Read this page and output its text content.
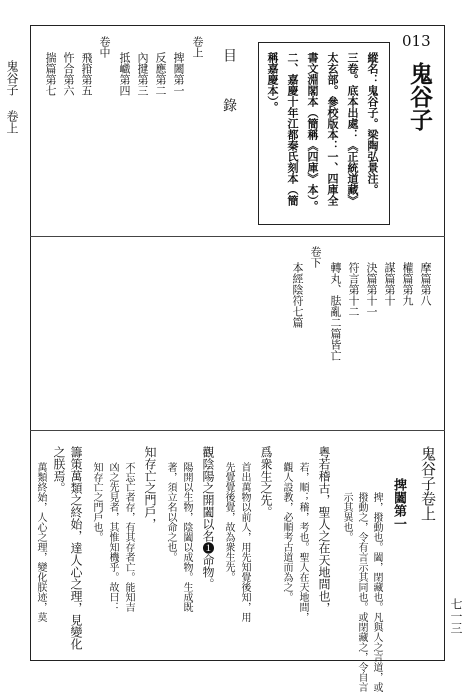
鬼谷子 卷上
七一三
013
鬼谷子
縱名：鬼谷子。梁陶弘景注。
三卷。底本出處：《正統道藏》
太玄部。參校版本：一、四庫全
書文淵閣本（簡稱《四庫》本）。
二、嘉慶十年江都秦氏刻本（簡
稱嘉慶本）。
目 錄
卷上
捭闔第一
反應第二
內揵第三
抵巇第四
卷中
飛箝第五
忤合第六
揣篇第七
摩篇第八
權篇第九
謀篇第十
決篇第十一
符言第十二
轉丸、胠亂二篇皆亡
卷下
本經陰符七篇
鬼谷子卷上
捭闔第一
捭，撥動也。闔，閉藏也。凡與人之言道，或
撥動之，令有言示其同也。或閉藏之，令自言
示其異也。
粵若稽古，聖人之在天地間也，
若，順；稽，考也。聖人在天地間，
觀人設教，必順考古道而為之。
爲衆生之先。
首出萬物以前人，用先知覺後知，用
先覺覺後覺，故為衆生先。
觀陰陽之開闔以名❶命物。
陽開以生物，陰闔以成物。生成既
著，須立名以命之也。
知存亡之門戶，
不忘亡者存，有其存者亡。能知吉
凶之先見者，其惟知機乎。故曰：
知存亡之門戶也。
籌策萬類之終始，達人心之理，見變化
之朕焉。
萬類終始，人心之理，變化朕迹，莫
